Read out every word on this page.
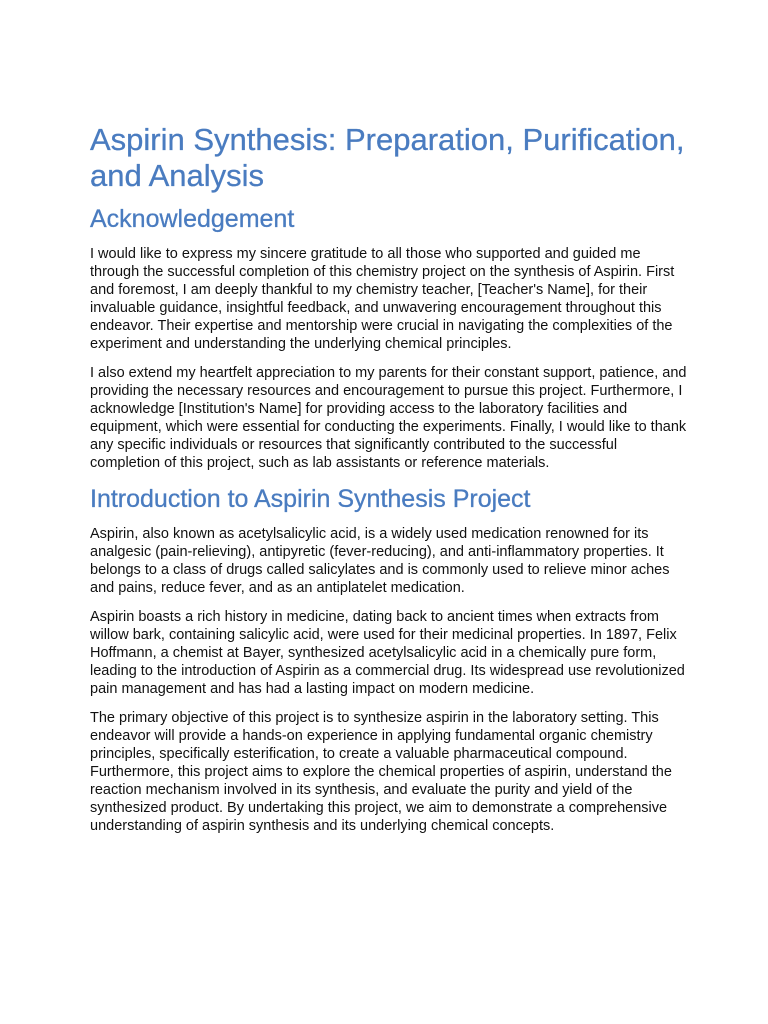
Aspirin Synthesis: Preparation, Purification, and Analysis
Acknowledgement

I would like to express my sincere gratitude to all those who supported and guided me through the successful completion of this chemistry project on the synthesis of Aspirin. First and foremost, I am deeply thankful to my chemistry teacher, [Teacher's Name], for their invaluable guidance, insightful feedback, and unwavering encouragement throughout this endeavor. Their expertise and mentorship were crucial in navigating the complexities of the experiment and understanding the underlying chemical principles.

I also extend my heartfelt appreciation to my parents for their constant support, patience, and providing the necessary resources and encouragement to pursue this project. Furthermore, I acknowledge [Institution's Name] for providing access to the laboratory facilities and equipment, which were essential for conducting the experiments. Finally, I would like to thank any specific individuals or resources that significantly contributed to the successful completion of this project, such as lab assistants or reference materials.

Introduction to Aspirin Synthesis Project

Aspirin, also known as acetylsalicylic acid, is a widely used medication renowned for its analgesic (pain-relieving), antipyretic (fever-reducing), and anti-inflammatory properties. It belongs to a class of drugs called salicylates and is commonly used to relieve minor aches and pains, reduce fever, and as an antiplatelet medication.

Aspirin boasts a rich history in medicine, dating back to ancient times when extracts from willow bark, containing salicylic acid, were used for their medicinal properties. In 1897, Felix Hoffmann, a chemist at Bayer, synthesized acetylsalicylic acid in a chemically pure form, leading to the introduction of Aspirin as a commercial drug. Its widespread use revolutionized pain management and has had a lasting impact on modern medicine.

The primary objective of this project is to synthesize aspirin in the laboratory setting. This endeavor will provide a hands-on experience in applying fundamental organic chemistry principles, specifically esterification, to create a valuable pharmaceutical compound. Furthermore, this project aims to explore the chemical properties of aspirin, understand the reaction mechanism involved in its synthesis, and evaluate the purity and yield of the synthesized product. By undertaking this project, we aim to demonstrate a comprehensive understanding of aspirin synthesis and its underlying chemical concepts.
